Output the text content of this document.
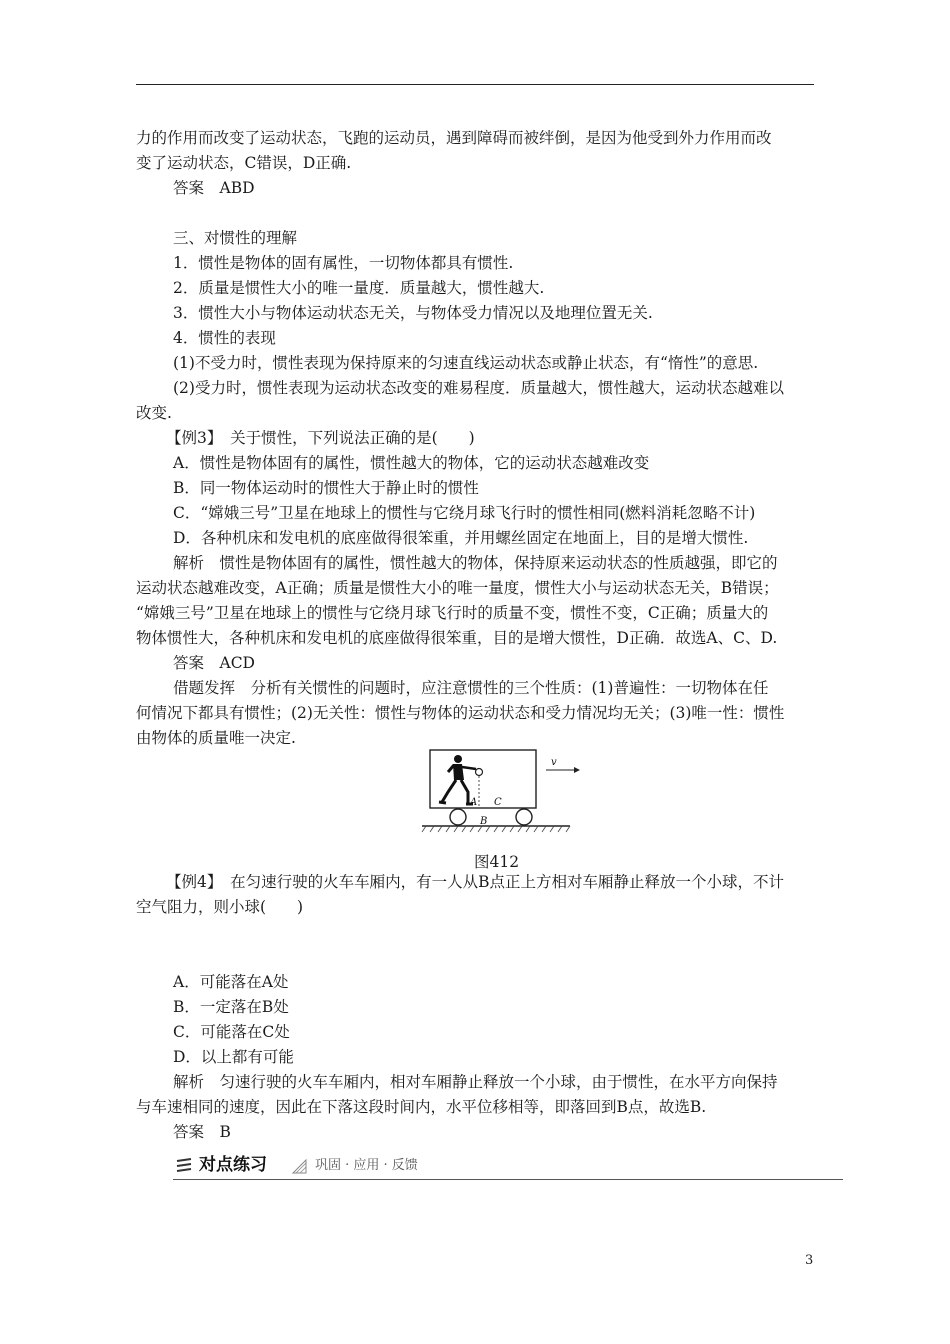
力的作用而改变了运动状态，飞跑的运动员，遇到障碍而被绊倒，是因为他受到外力作用而改
变了运动状态，C错误，D正确.
答案　ABD
三、对惯性的理解
1．惯性是物体的固有属性，一切物体都具有惯性.
2．质量是惯性大小的唯一量度．质量越大，惯性越大.
3．惯性大小与物体运动状态无关，与物体受力情况以及地理位置无关.
4．惯性的表现
(1)不受力时，惯性表现为保持原来的匀速直线运动状态或静止状态，有“惰性”的意思.
(2)受力时，惯性表现为运动状态改变的难易程度．质量越大，惯性越大，运动状态越难以
改变.
【例3】　关于惯性，下列说法正确的是(　　)
A．惯性是物体固有的属性，惯性越大的物体，它的运动状态越难改变
B．同一物体运动时的惯性大于静止时的惯性
C．“嫦娥三号”卫星在地球上的惯性与它绕月球飞行时的惯性相同(燃料消耗忽略不计)
D．各种机床和发电机的底座做得很笨重，并用螺丝固定在地面上，目的是增大惯性.
解析　惯性是物体固有的属性，惯性越大的物体，保持原来运动状态的性质越强，即它的
运动状态越难改变，A正确；质量是惯性大小的唯一量度，惯性大小与运动状态无关，B错误；
“嫦娥三号”卫星在地球上的惯性与它绕月球飞行时的质量不变，惯性不变，C正确；质量大的
物体惯性大，各种机床和发电机的底座做得很笨重，目的是增大惯性，D正确．故选A、C、D.
答案　ACD
借题发挥　分析有关惯性的问题时，应注意惯性的三个性质：(1)普遍性：一切物体在任
何情况下都具有惯性；(2)无关性：惯性与物体的运动状态和受力情况均无关；(3)唯一性：惯性
由物体的质量唯一决定.
A C
B
v
图412
【例4】　在匀速行驶的火车车厢内，有一人从B点正上方相对车厢静止释放一个小球，不计
空气阻力，则小球(　　)
A．可能落在A处
B．一定落在B处
C．可能落在C处
D．以上都有可能
解析　匀速行驶的火车车厢内，相对车厢静止释放一个小球，由于惯性，在水平方向保持
与车速相同的速度，因此在下落这段时间内，水平位移相等，即落回到B点，故选B.
答案　B
对点练习	巩固 · 应用 · 反馈
3
